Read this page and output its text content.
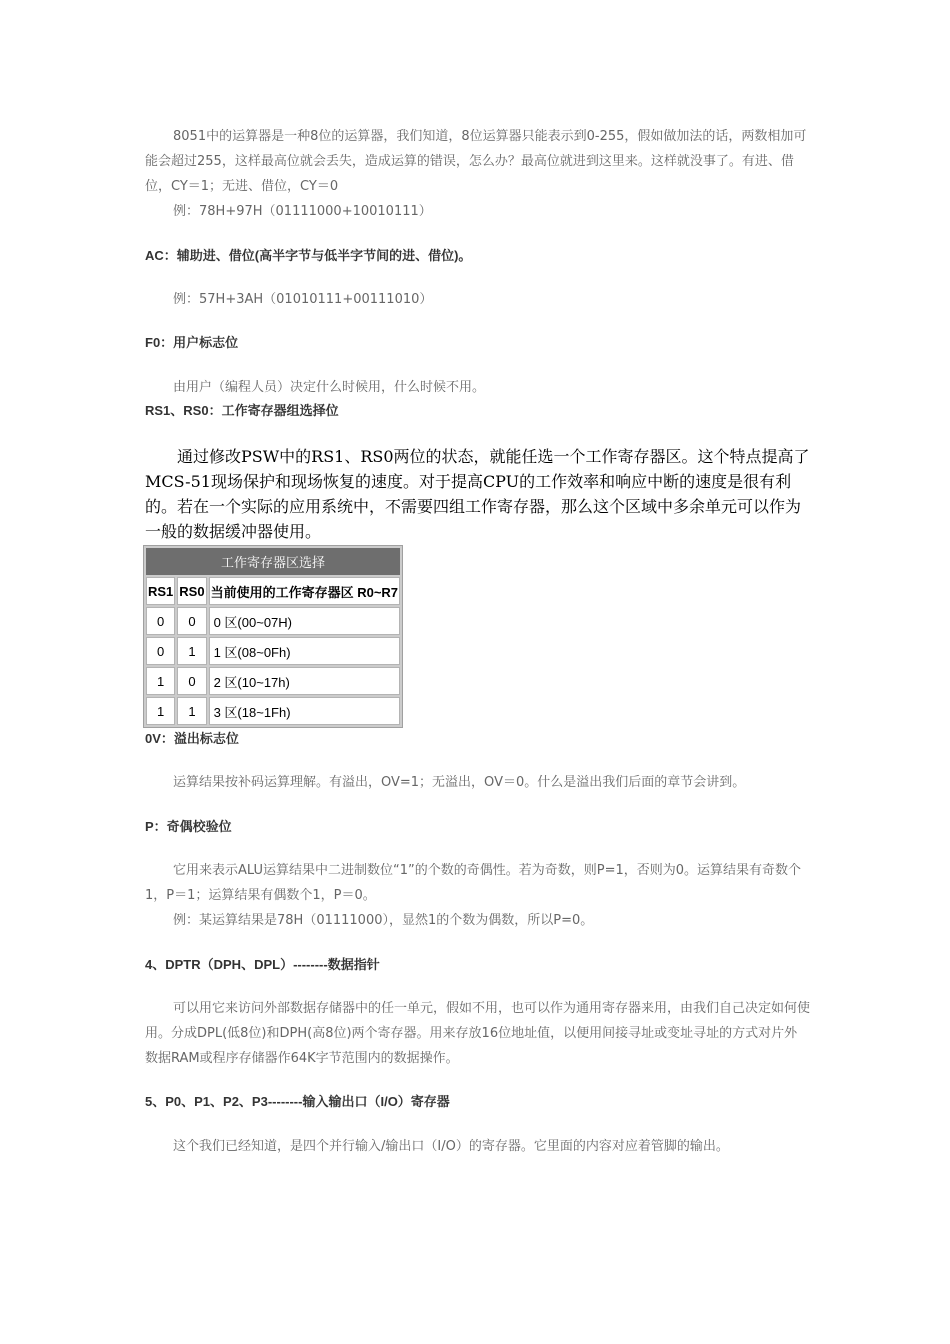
8051中的运算器是一种8位的运算器，我们知道，8位运算器只能表示到0-255，假如做加法的话，两数相加可能会超过255，这样最高位就会丢失，造成运算的错误，怎么办？最高位就进到这里来。这样就没事了。有进、借位，CY＝1；无进、借位，CY＝0

例：78H+97H（01111000+10010111）

AC：辅助进、借位(高半字节与低半字节间的进、借位)。

例：57H+3AH（01010111+00111010）

F0：用户标志位

由用户（编程人员）决定什么时候用，什么时候不用。

RS1、RS0：工作寄存器组选择位

通过修改PSW中的RS1、RS0两位的状态，就能任选一个工作寄存器区。这个特点提高了MCS-51现场保护和现场恢复的速度。对于提高CPU的工作效率和响应中断的速度是很有利的。若在一个实际的应用系统中，不需要四组工作寄存器，那么这个区域中多余单元可以作为一般的数据缓冲器使用。

工作寄存器区选择		
RS1	RS0	当前使用的工作寄存器区 R0~R7
0	0	0 区(00~07H)
0	1	1 区(08~0Fh)
1	0	2 区(10~17h)
1	1	3 区(18~1Fh)

0V：溢出标志位

运算结果按补码运算理解。有溢出，OV=1；无溢出，OV＝0。什么是溢出我们后面的章节会讲到。

P：奇偶校验位

它用来表示ALU运算结果中二进制数位“1”的个数的奇偶性。若为奇数，则P=1，否则为0。运算结果有奇数个1，P＝1；运算结果有偶数个1，P＝0。

例：某运算结果是78H（01111000），显然1的个数为偶数，所以P=0。

4、DPTR（DPH、DPL）--------数据指针

可以用它来访问外部数据存储器中的任一单元，假如不用，也可以作为通用寄存器来用，由我们自己决定如何使用。分成DPL(低8位)和DPH(高8位)两个寄存器。用来存放16位地址值，以便用间接寻址或变址寻址的方式对片外数据RAM或程序存储器作64K字节范围内的数据操作。

5、P0、P1、P2、P3--------输入输出口（I/O）寄存器

这个我们已经知道，是四个并行输入/输出口（I/O）的寄存器。它里面的内容对应着管脚的输出。
